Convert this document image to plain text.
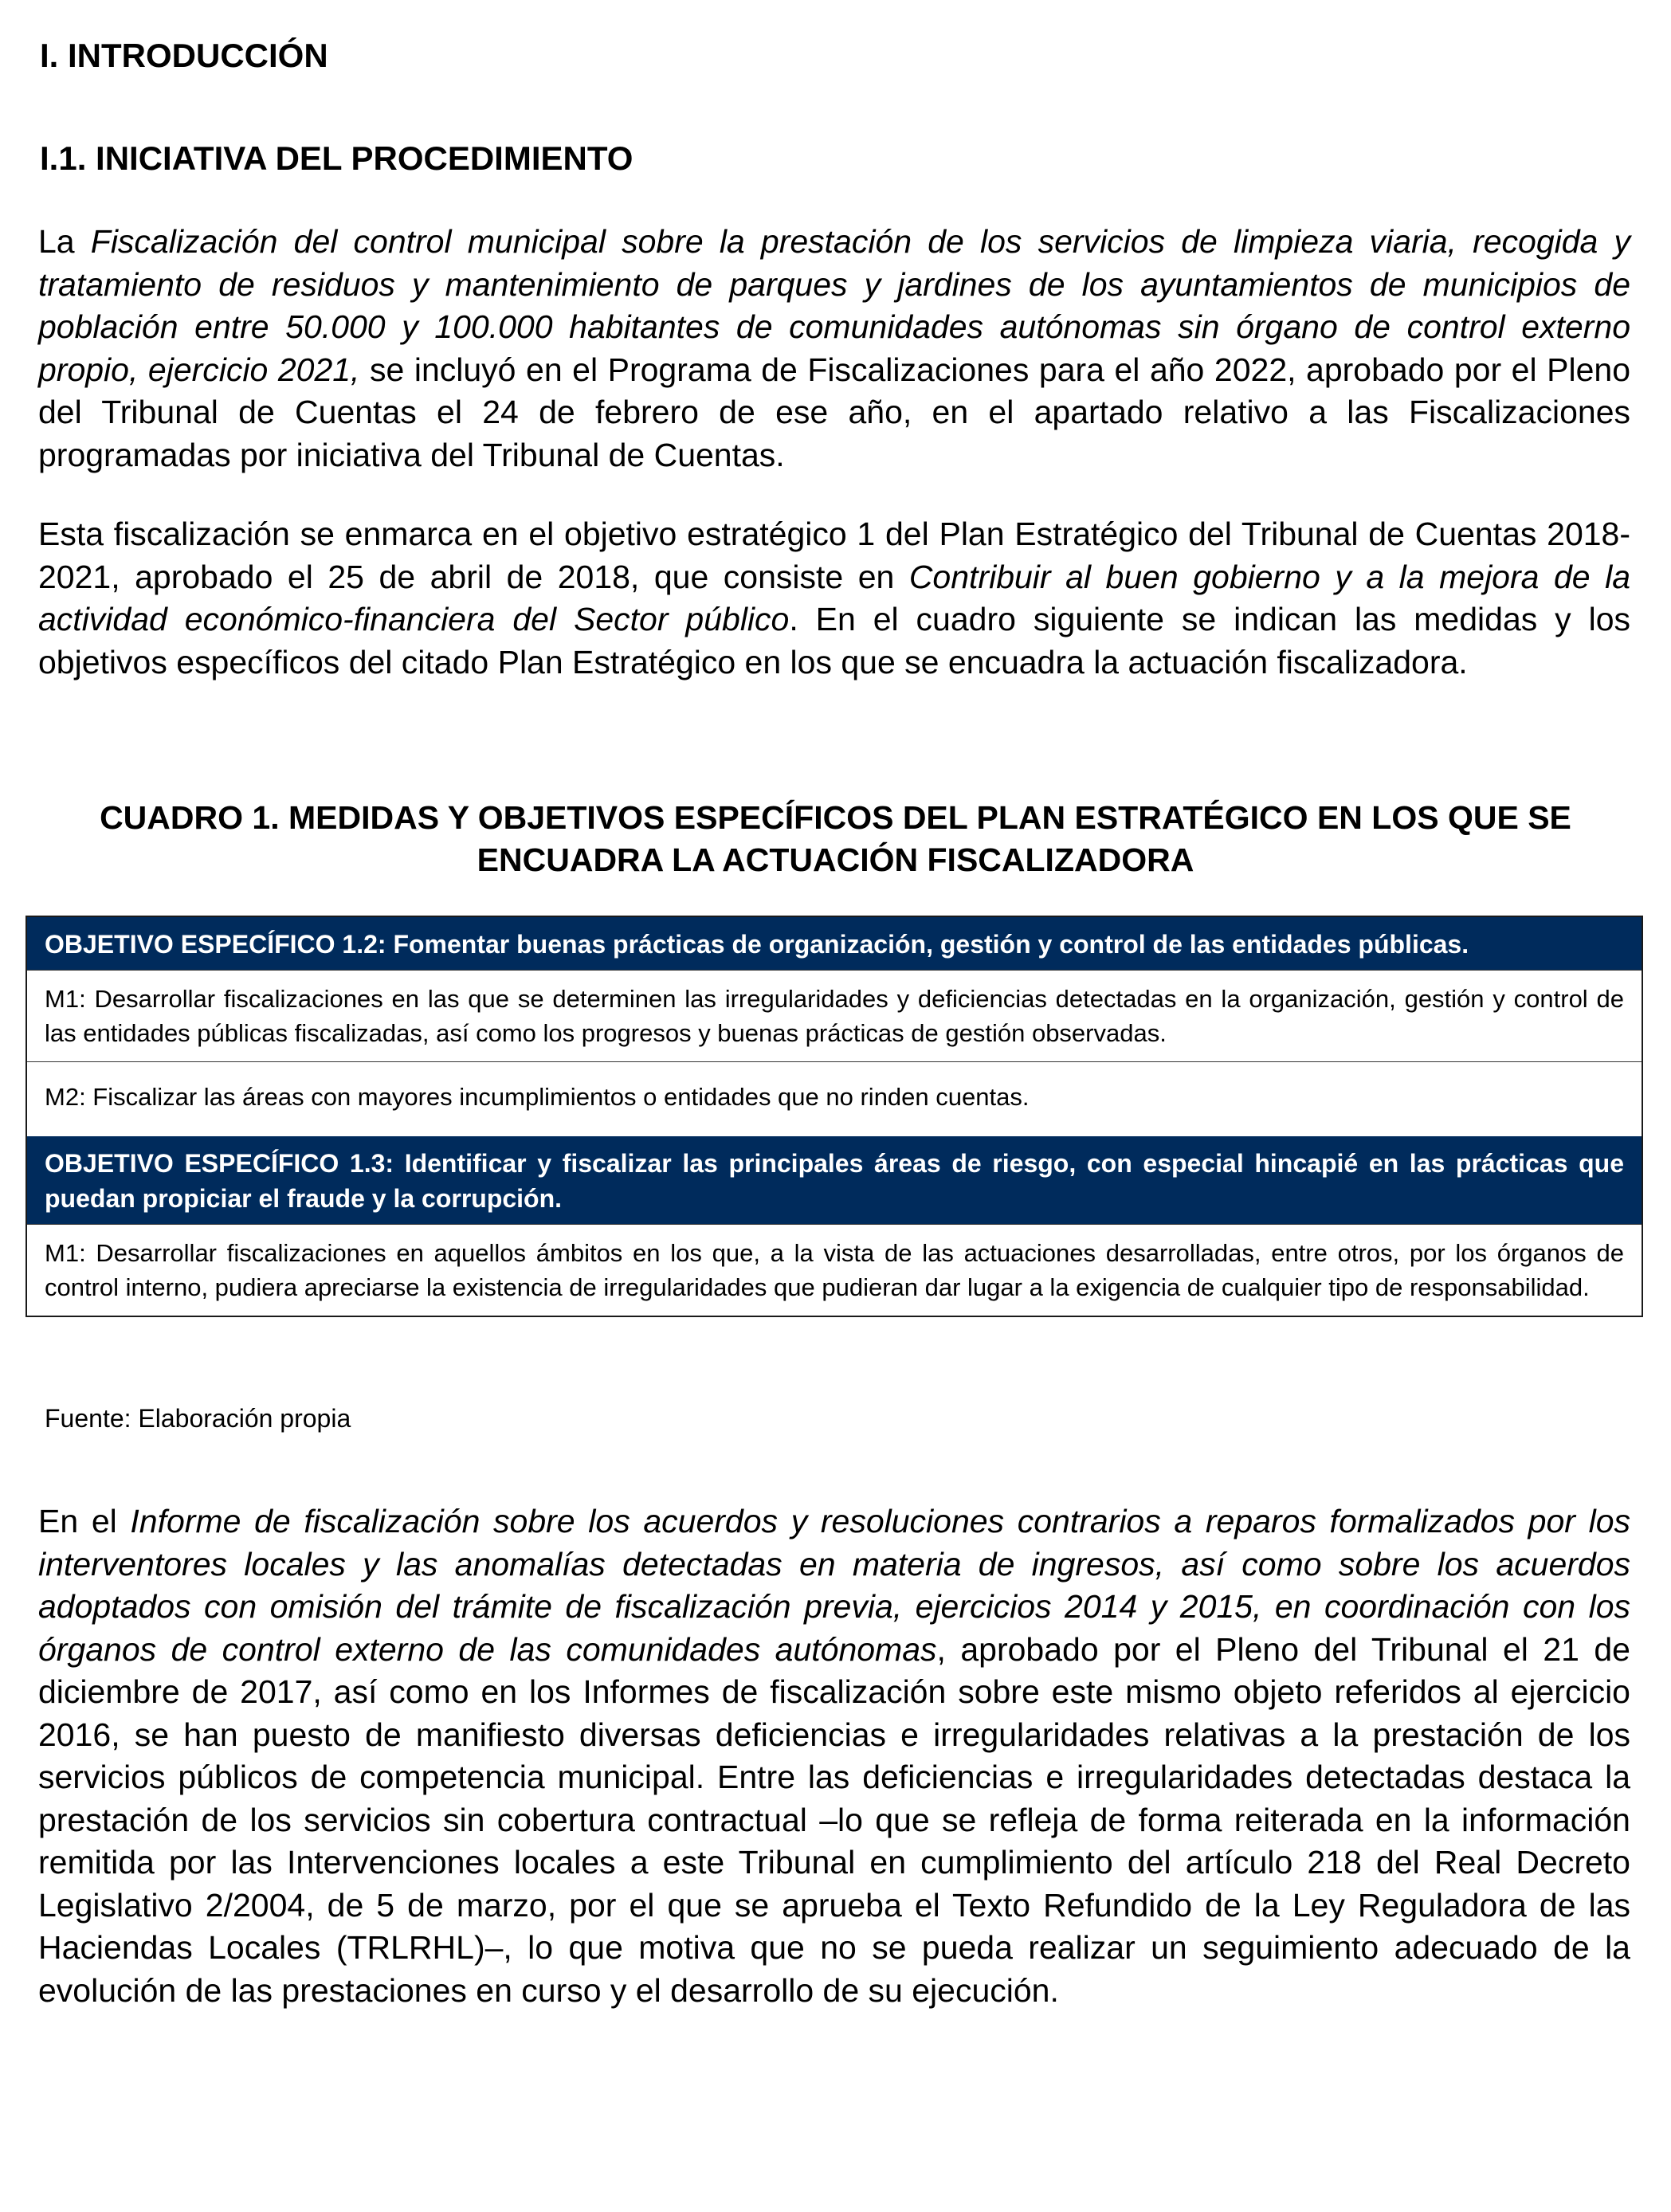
I. INTRODUCCIÓN
I.1. INICIATIVA DEL PROCEDIMIENTO

La Fiscalización del control municipal sobre la prestación de los servicios de limpieza viaria, recogida y tratamiento de residuos y mantenimiento de parques y jardines de los ayuntamientos de municipios de población entre 50.000 y 100.000 habitantes de comunidades autónomas sin órgano de control externo propio, ejercicio 2021, se incluyó en el Programa de Fiscalizaciones para el año 2022, aprobado por el Pleno del Tribunal de Cuentas el 24 de febrero de ese año, en el apartado relativo a las Fiscalizaciones programadas por iniciativa del Tribunal de Cuentas.

Esta fiscalización se enmarca en el objetivo estratégico 1 del Plan Estratégico del Tribunal de Cuentas 2018-2021, aprobado el 25 de abril de 2018, que consiste en Contribuir al buen gobierno y a la mejora de la actividad económico-financiera del Sector público. En el cuadro siguiente se indican las medidas y los objetivos específicos del citado Plan Estratégico en los que se encuadra la actuación fiscalizadora.

CUADRO 1. MEDIDAS Y OBJETIVOS ESPECÍFICOS DEL PLAN ESTRATÉGICO EN LOS QUE SE ENCUADRA LA ACTUACIÓN FISCALIZADORA

OBJETIVO ESPECÍFICO 1.2: Fomentar buenas prácticas de organización, gestión y control de las entidades públicas.
M1: Desarrollar fiscalizaciones en las que se determinen las irregularidades y deficiencias detectadas en la organización, gestión y control de las entidades públicas fiscalizadas, así como los progresos y buenas prácticas de gestión observadas.
M2: Fiscalizar las áreas con mayores incumplimientos o entidades que no rinden cuentas.
OBJETIVO ESPECÍFICO 1.3: Identificar y fiscalizar las principales áreas de riesgo, con especial hincapié en las prácticas que puedan propiciar el fraude y la corrupción.
M1: Desarrollar fiscalizaciones en aquellos ámbitos en los que, a la vista de las actuaciones desarrolladas, entre otros, por los órganos de control interno, pudiera apreciarse la existencia de irregularidades que pudieran dar lugar a la exigencia de cualquier tipo de responsabilidad.

Fuente: Elaboración propia

En el Informe de fiscalización sobre los acuerdos y resoluciones contrarios a reparos formalizados por los interventores locales y las anomalías detectadas en materia de ingresos, así como sobre los acuerdos adoptados con omisión del trámite de fiscalización previa, ejercicios 2014 y 2015, en coordinación con los órganos de control externo de las comunidades autónomas, aprobado por el Pleno del Tribunal el 21 de diciembre de 2017, así como en los Informes de fiscalización sobre este mismo objeto referidos al ejercicio 2016, se han puesto de manifiesto diversas deficiencias e irregularidades relativas a la prestación de los servicios públicos de competencia municipal. Entre las deficiencias e irregularidades detectadas destaca la prestación de los servicios sin cobertura contractual –lo que se refleja de forma reiterada en la información remitida por las Intervenciones locales a este Tribunal en cumplimiento del artículo 218 del Real Decreto Legislativo 2/2004, de 5 de marzo, por el que se aprueba el Texto Refundido de la Ley Reguladora de las Haciendas Locales (TRLRHL)–, lo que motiva que no se pueda realizar un seguimiento adecuado de la evolución de las prestaciones en curso y el desarrollo de su ejecución.
